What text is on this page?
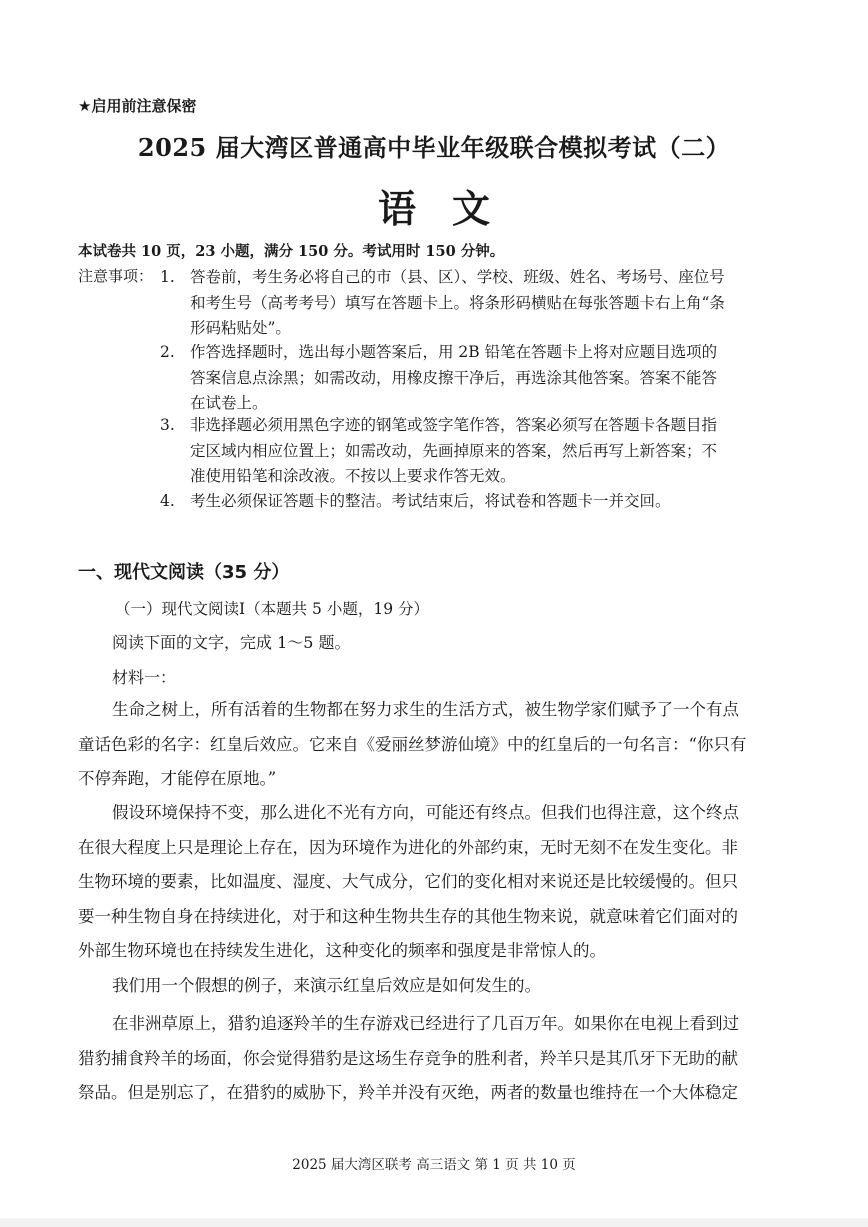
★启用前注意保密
2025 届大湾区普通高中毕业年级联合模拟考试（二）
语文
本试卷共 10 页，23 小题，满分 150 分。考试用时 150 分钟。
注意事项： 1. 答卷前，考生务必将自己的市（县、区）、学校、班级、姓名、考场号、座位号
和考生号（高考考号）填写在答题卡上。将条形码横贴在每张答题卡右上角“条
形码粘贴处”。
2. 作答选择题时，选出每小题答案后，用 2B 铅笔在答题卡上将对应题目选项的
答案信息点涂黑；如需改动，用橡皮擦干净后，再选涂其他答案。答案不能答
在试卷上。
3. 非选择题必须用黑色字迹的钢笔或签字笔作答，答案必须写在答题卡各题目指
定区域内相应位置上；如需改动，先画掉原来的答案，然后再写上新答案；不
准使用铅笔和涂改液。不按以上要求作答无效。
4. 考生必须保证答题卡的整洁。考试结束后，将试卷和答题卡一并交回。
一、现代文阅读（35 分）
（一）现代文阅读Ⅰ（本题共 5 小题，19 分）
阅读下面的文字，完成 1～5 题。
材料一：
生命之树上，所有活着的生物都在努力求生的生活方式，被生物学家们赋予了一个有点
童话色彩的名字：红皇后效应。它来自《爱丽丝梦游仙境》中的红皇后的一句名言：“你只有
不停奔跑，才能停在原地。”
假设环境保持不变，那么进化不光有方向，可能还有终点。但我们也得注意，这个终点
在很大程度上只是理论上存在，因为环境作为进化的外部约束，无时无刻不在发生变化。非
生物环境的要素，比如温度、湿度、大气成分，它们的变化相对来说还是比较缓慢的。但只
要一种生物自身在持续进化，对于和这种生物共生存的其他生物来说，就意味着它们面对的
外部生物环境也在持续发生进化，这种变化的频率和强度是非常惊人的。
我们用一个假想的例子，来演示红皇后效应是如何发生的。
在非洲草原上，猎豹追逐羚羊的生存游戏已经进行了几百万年。如果你在电视上看到过
猎豹捕食羚羊的场面，你会觉得猎豹是这场生存竞争的胜利者，羚羊只是其爪牙下无助的献
祭品。但是别忘了，在猎豹的威胁下，羚羊并没有灭绝，两者的数量也维持在一个大体稳定
2025 届大湾区联考 高三语文 第 1 页 共 10 页
